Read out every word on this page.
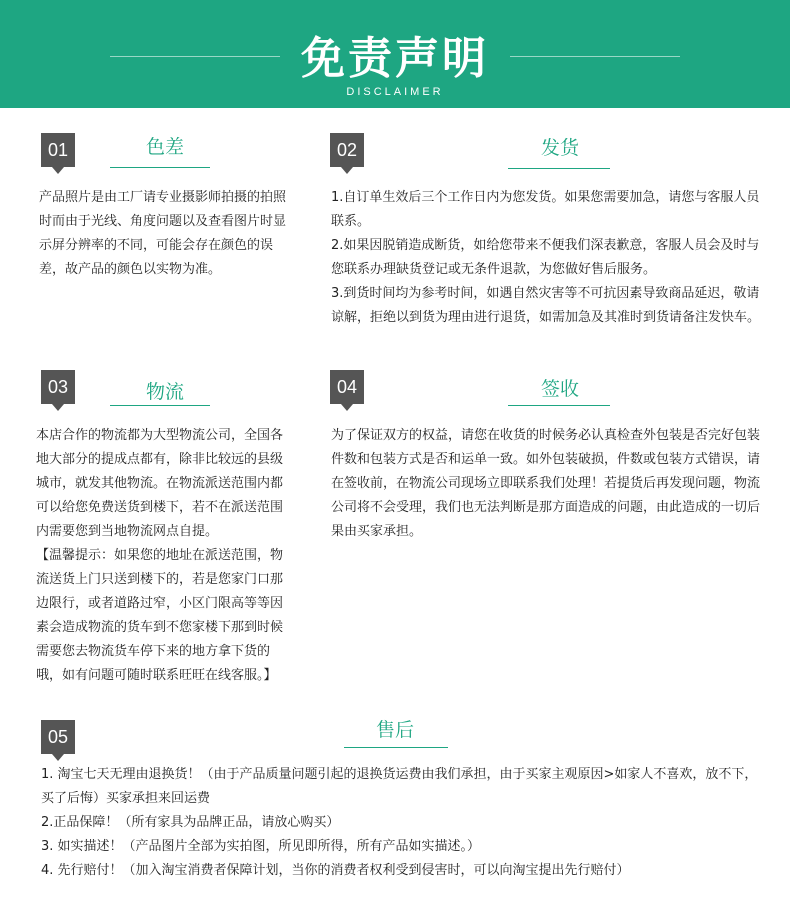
免责声明
DISCLAIMER
01	色差

产品照片是由工厂请专业摄影师拍摄的拍照时而由于光线、角度问题以及查看图片时显示屏分辨率的不同，可能会存在颜色的误差，故产品的颜色以实物为准。

02	发货

1.自订单生效后三个工作日内为您发货。如果您需要加急，请您与客服人员联系。

2.如果因脱销造成断货，如给您带来不便我们深表歉意，客服人员会及时与您联系办理缺货登记或无条件退款，为您做好售后服务。

3.到货时间均为参考时间，如遇自然灾害等不可抗因素导致商品延迟，敬请谅解，拒绝以到货为理由进行退货，如需加急及其准时到货请备注发快车。

03	物流

本店合作的物流都为大型物流公司，全国各地大部分的提成点都有，除非比较远的县级城市，就发其他物流。在物流派送范围内都可以给您免费送货到楼下，若不在派送范围内需要您到当地物流网点自提。

【温馨提示：如果您的地址在派送范围，物流送货上门只送到楼下的，若是您家门口那边限行，或者道路过窄，小区门限高等等因素会造成物流的货车到不您家楼下那到时候需要您去物流货车停下来的地方拿下货的哦，如有问题可随时联系旺旺在线客服。】

04	签收

为了保证双方的权益，请您在收货的时候务必认真检查外包装是否完好包装件数和包装方式是否和运单一致。如外包装破损，件数或包装方式错误，请在签收前，在物流公司现场立即联系我们处理！若提货后再发现问题，物流公司将不会受理，我们也无法判断是那方面造成的问题，由此造成的一切后果由买家承担。

05	售后

1. 淘宝七天无理由退换货！（由于产品质量问题引起的退换货运费由我们承担，由于买家主观原因>如家人不喜欢，放不下，买了后悔）买家承担来回运费

2.正品保障！（所有家具为品牌正品，请放心购买）

3. 如实描述！（产品图片全部为实拍图，所见即所得，所有产品如实描述。）

4. 先行赔付！（加入淘宝消费者保障计划，当你的消费者权利受到侵害时，可以向淘宝提出先行赔付）
